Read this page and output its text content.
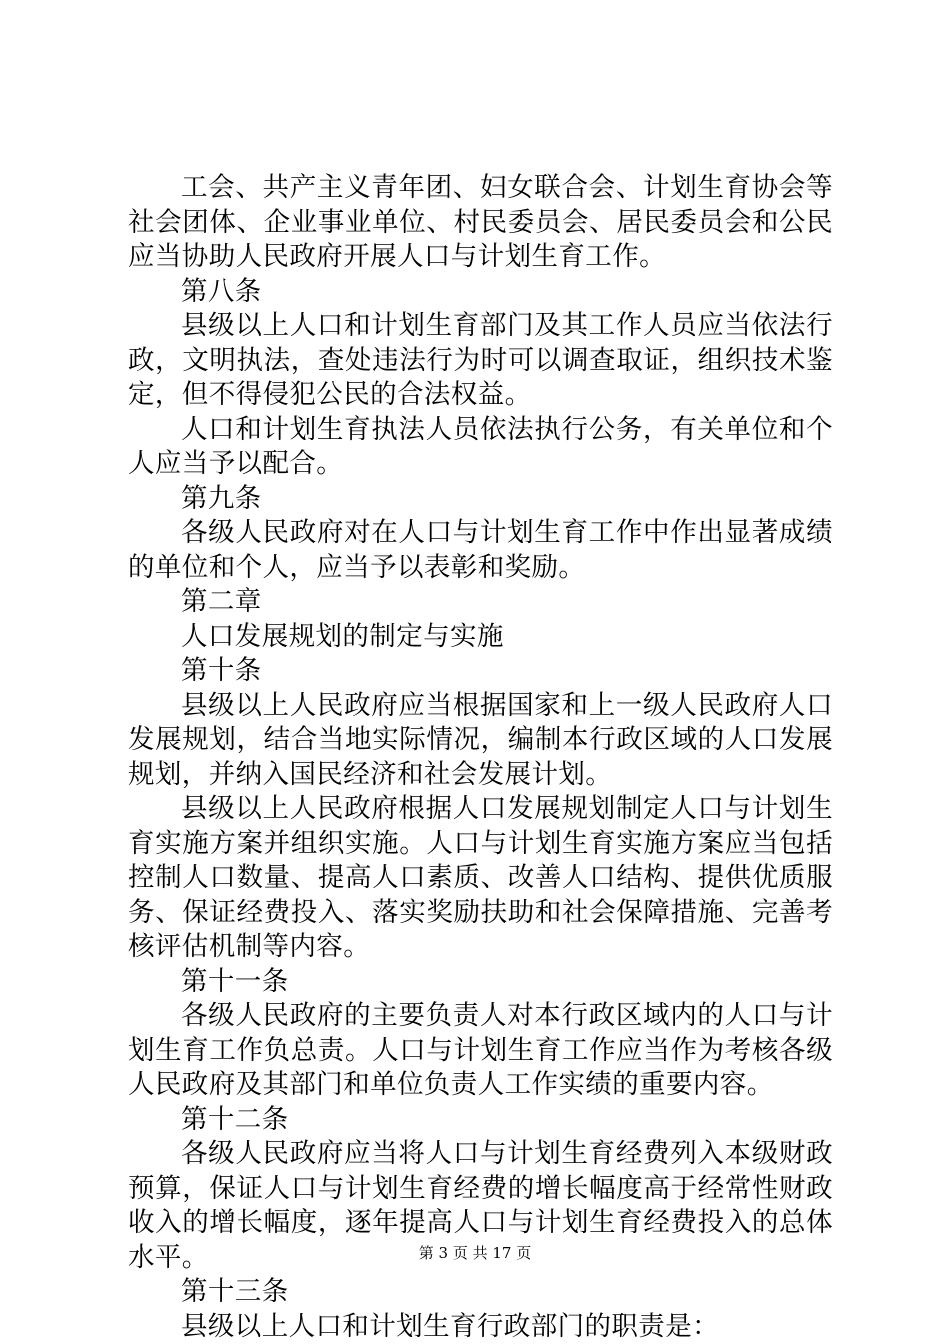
工会、共产主义青年团、妇女联合会、计划生育协会等社会团体、企业事业单位、村民委员会、居民委员会和公民应当协助人民政府开展人口与计划生育工作。

第八条

县级以上人口和计划生育部门及其工作人员应当依法行政，文明执法，查处违法行为时可以调查取证，组织技术鉴定，但不得侵犯公民的合法权益。

人口和计划生育执法人员依法执行公务，有关单位和个人应当予以配合。

第九条

各级人民政府对在人口与计划生育工作中作出显著成绩的单位和个人，应当予以表彰和奖励。

第二章

人口发展规划的制定与实施

第十条

县级以上人民政府应当根据国家和上一级人民政府人口发展规划，结合当地实际情况，编制本行政区域的人口发展规划，并纳入国民经济和社会发展计划。

县级以上人民政府根据人口发展规划制定人口与计划生育实施方案并组织实施。人口与计划生育实施方案应当包括控制人口数量、提高人口素质、改善人口结构、提供优质服务、保证经费投入、落实奖励扶助和社会保障措施、完善考核评估机制等内容。

第十一条

各级人民政府的主要负责人对本行政区域内的人口与计划生育工作负总责。人口与计划生育工作应当作为考核各级人民政府及其部门和单位负责人工作实绩的重要内容。

第十二条

各级人民政府应当将人口与计划生育经费列入本级财政预算，保证人口与计划生育经费的增长幅度高于经常性财政收入的增长幅度，逐年提高人口与计划生育经费投入的总体水平。

第十三条

县级以上人口和计划生育行政部门的职责是：

第 3 页 共 17 页
